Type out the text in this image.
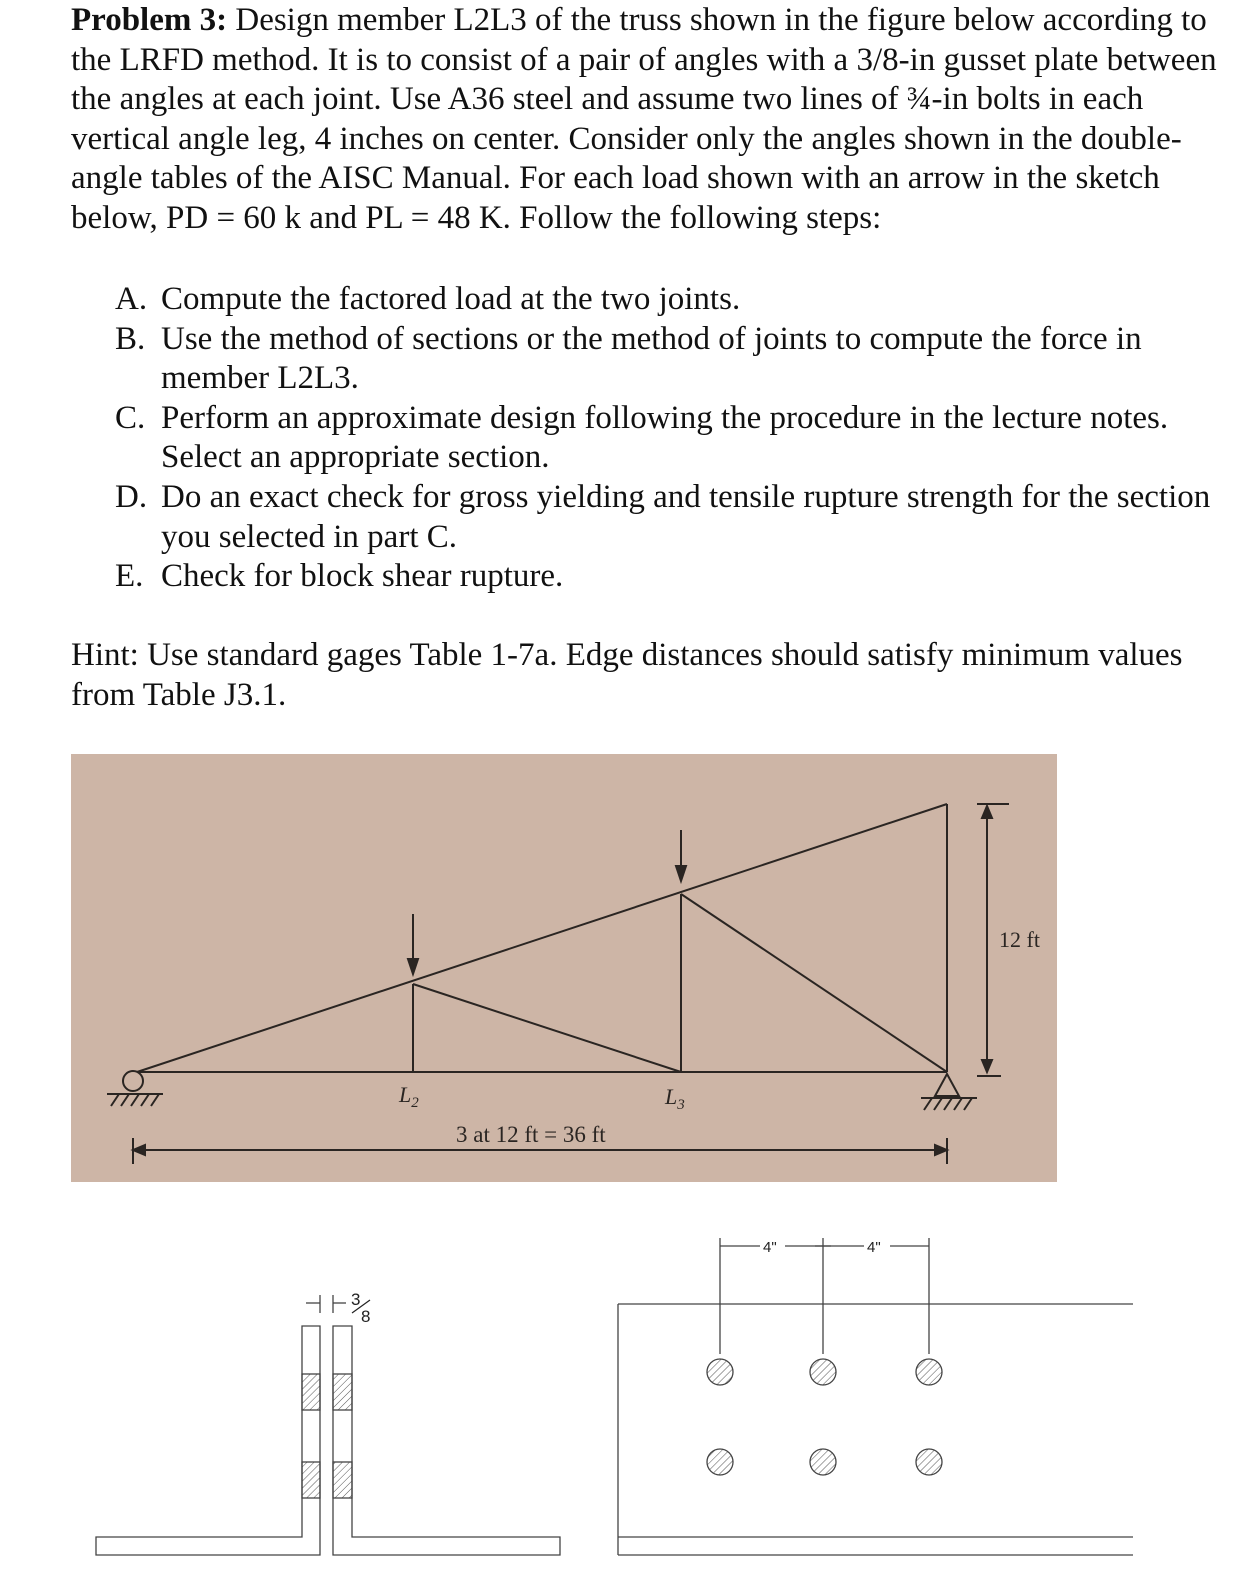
Problem 3: Design member L2L3 of the truss shown in the figure below according to the LRFD method. It is to consist of a pair of angles with a 3/8-in gusset plate between the angles at each joint. Use A36 steel and assume two lines of ¾-in bolts in each vertical angle leg, 4 inches on center. Consider only the angles shown in the double-angle tables of the AISC Manual. For each load shown with an arrow in the sketch below, PD = 60 k and PL = 48 K. Follow the following steps:

A. Compute the factored load at the two joints.
B. Use the method of sections or the method of joints to compute the force in member L2L3.
C. Perform an approximate design following the procedure in the lecture notes. Select an appropriate section.
D. Do an exact check for gross yielding and tensile rupture strength for the section you selected in part C.
E. Check for block shear rupture.

Hint: Use standard gages Table 1-7a. Edge distances should satisfy minimum values from Table J3.1.

$L_2$	$L_3$
3 at 12 ft = 36 ft
12 ft
3
8
4"	4"
